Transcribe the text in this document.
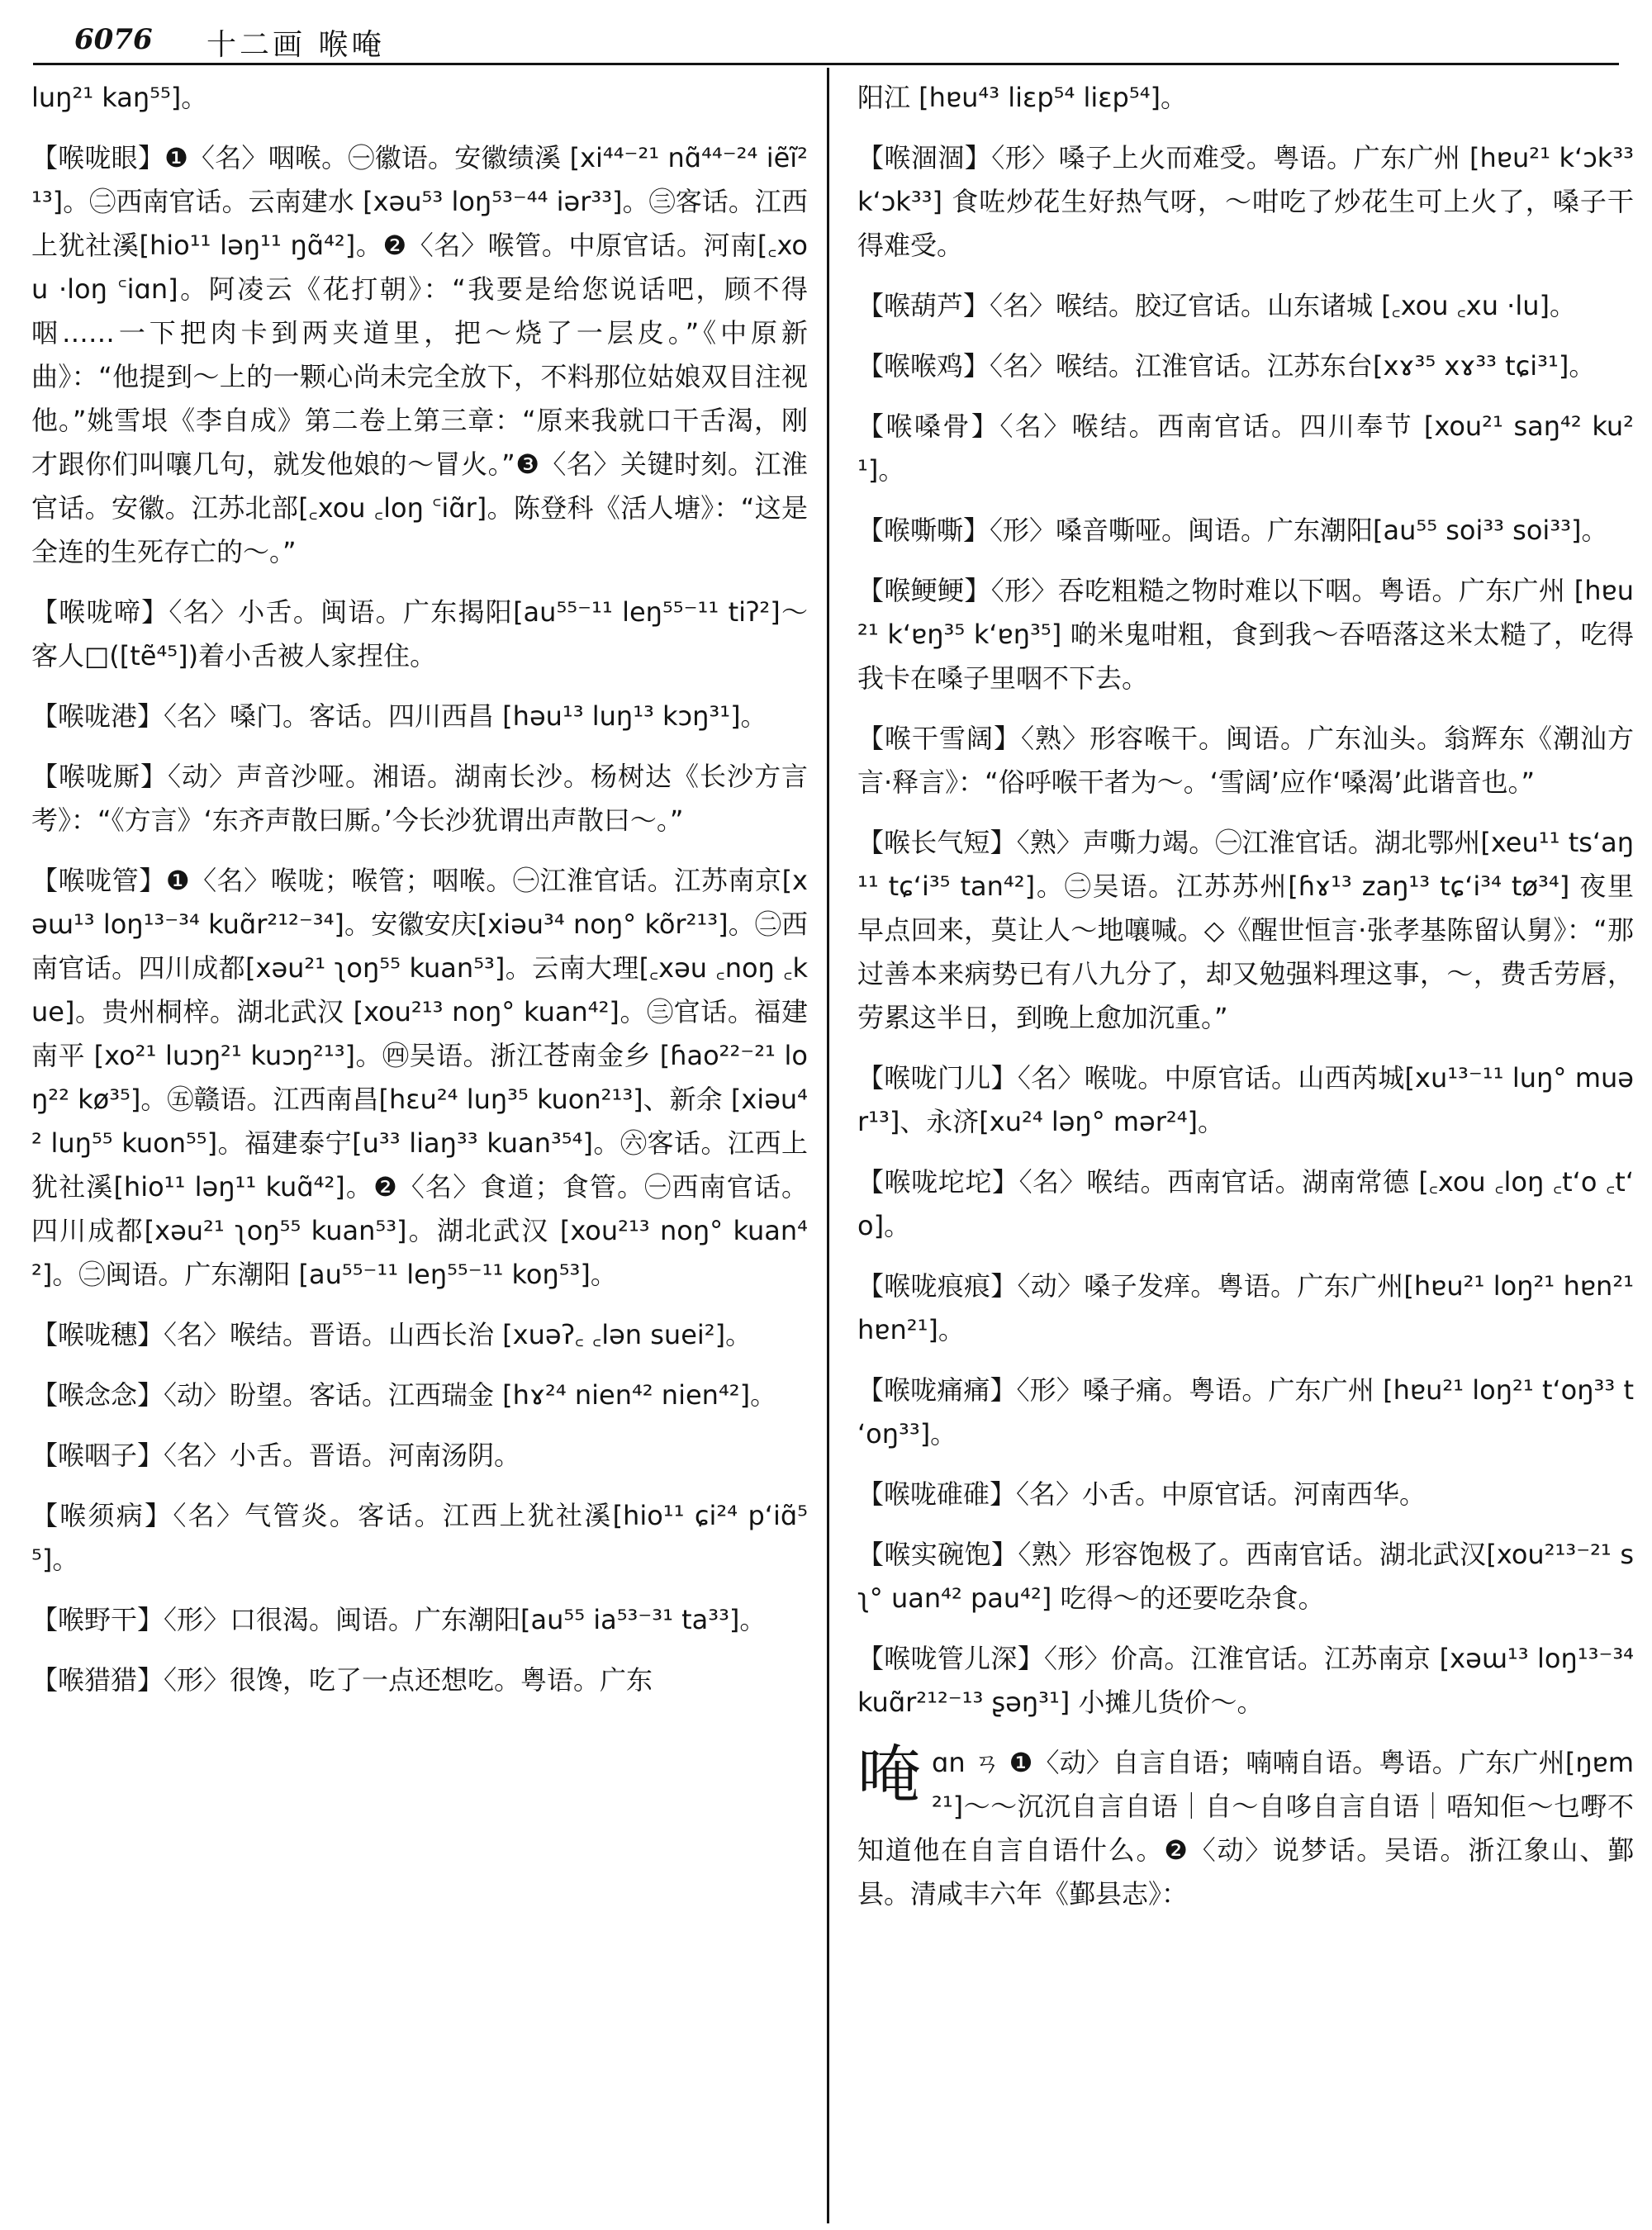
6076 十二画 喉唵

luŋ²¹ kaŋ⁵⁵]。

【喉咙眼】❶〈名〉咽喉。㊀徽语。安徽绩溪 [xi⁴⁴⁻²¹ nɑ̃⁴⁴⁻²⁴ iẽĩ²¹³]。㊁西南官话。云南建水 [xəu⁵³ loŋ⁵³⁻⁴⁴ iər³³]。㊂客话。江西上犹社溪[hio¹¹ ləŋ¹¹ ŋɑ̃⁴²]。❷〈名〉喉管。中原官话。河南[꜀xou ·loŋ ꜂iɑn]。阿凌云《花打朝》：“我要是给您说话吧，顾不得咽……一下把肉卡到两夹道里，把～烧了一层皮。”《中原新曲》：“他提到～上的一颗心尚未完全放下，不料那位姑娘双目注视他。”姚雪垠《李自成》第二卷上第三章：“原来我就口干舌渴，刚才跟你们叫嚷几句，就发他娘的～冒火。”❸〈名〉关键时刻。江淮官话。安徽。江苏北部[꜀xou ꜀loŋ ꜂iɑ̃r]。陈登科《活人塘》：“这是全连的生死存亡的～。”

【喉咙啼】〈名〉小舌。闽语。广东揭阳[au⁵⁵⁻¹¹ leŋ⁵⁵⁻¹¹ tiʔ²]～客人□([tẽ⁴⁵])着小舌被人家捏住。

【喉咙港】〈名〉嗓门。客话。四川西昌 [həu¹³ luŋ¹³ kɔŋ³¹]。

【喉咙厮】〈动〉声音沙哑。湘语。湖南长沙。杨树达《长沙方言考》：“《方言》‘东齐声散曰厮。’今长沙犹谓出声散曰～。”

【喉咙管】❶〈名〉喉咙；喉管；咽喉。㊀江淮官话。江苏南京[xəɯ¹³ loŋ¹³⁻³⁴ kuɑ̃r²¹²⁻³⁴]。安徽安庆[xiəu³⁴ noŋ° kõr²¹³]。㊁西南官话。四川成都[xəu²¹ ʅoŋ⁵⁵ kuan⁵³]。云南大理[꜀xəu ꜀noŋ ꜀kue]。贵州桐梓。湖北武汉 [xou²¹³ noŋ° kuan⁴²]。㊂官话。福建南平 [xo²¹ luɔŋ²¹ kuɔŋ²¹³]。㊃吴语。浙江苍南金乡 [ɦao²²⁻²¹ loŋ²² kø³⁵]。㊄赣语。江西南昌[hɛu²⁴ luŋ³⁵ kuon²¹³]、新余 [xiəu⁴² luŋ⁵⁵ kuon⁵⁵]。福建泰宁[u³³ liaŋ³³ kuan³⁵⁴]。㊅客话。江西上犹社溪[hio¹¹ ləŋ¹¹ kuɑ̃⁴²]。❷〈名〉食道；食管。㊀西南官话。四川成都[xəu²¹ ʅoŋ⁵⁵ kuan⁵³]。湖北武汉 [xou²¹³ noŋ° kuan⁴²]。㊁闽语。广东潮阳 [au⁵⁵⁻¹¹ leŋ⁵⁵⁻¹¹ koŋ⁵³]。

【喉咙穗】〈名〉喉结。晋语。山西长治 [xuəʔ꜀ ꜀lən suei²]。

【喉念念】〈动〉盼望。客话。江西瑞金 [hɤ²⁴ nien⁴² nien⁴²]。

【喉咽子】〈名〉小舌。晋语。河南汤阴。

【喉须病】〈名〉气管炎。客话。江西上犹社溪[hio¹¹ ɕi²⁴ pʻiɑ̃⁵⁵]。

【喉野干】〈形〉口很渴。闽语。广东潮阳[au⁵⁵ ia⁵³⁻³¹ ta³³]。

【喉猎猎】〈形〉很馋，吃了一点还想吃。粤语。广东

阳江 [hɐu⁴³ liɛp⁵⁴ liɛp⁵⁴]。

【喉涸涸】〈形〉嗓子上火而难受。粤语。广东广州 [hɐu²¹ kʻɔk³³ kʻɔk³³] 食咗炒花生好热气呀，～咁吃了炒花生可上火了，嗓子干得难受。

【喉葫芦】〈名〉喉结。胶辽官话。山东诸城 [꜀xou ꜀xu ·lu]。

【喉喉鸡】〈名〉喉结。江淮官话。江苏东台[xɤ³⁵ xɤ³³ tɕi³¹]。

【喉嗓骨】〈名〉喉结。西南官话。四川奉节 [xou²¹ saŋ⁴² ku²¹]。

【喉嘶嘶】〈形〉嗓音嘶哑。闽语。广东潮阳[au⁵⁵ soi³³ soi³³]。

【喉鲠鲠】〈形〉吞吃粗糙之物时难以下咽。粤语。广东广州 [hɐu²¹ kʻɐŋ³⁵ kʻɐŋ³⁵] 啲米鬼咁粗，食到我～吞唔落这米太糙了，吃得我卡在嗓子里咽不下去。

【喉干雪阔】〈熟〉形容喉干。闽语。广东汕头。翁辉东《潮汕方言·释言》：“俗呼喉干者为～。‘雪阔’应作‘嗓渴’此谐音也。”

【喉长气短】〈熟〉声嘶力竭。㊀江淮官话。湖北鄂州[xeu¹¹ tsʻaŋ¹¹ tɕʻi³⁵ tan⁴²]。㊁吴语。江苏苏州[ɦɤ¹³ zaŋ¹³ tɕʻi³⁴ tø³⁴] 夜里早点回来，莫让人～地嚷喊。◇《醒世恒言·张孝基陈留认舅》：“那过善本来病势已有八九分了，却又勉强料理这事，～，费舌劳唇，劳累这半日，到晚上愈加沉重。”

【喉咙门儿】〈名〉喉咙。中原官话。山西芮城[xu¹³⁻¹¹ luŋ° muər¹³]、永济[xu²⁴ ləŋ° mər²⁴]。

【喉咙坨坨】〈名〉喉结。西南官话。湖南常德 [꜀xou ꜀loŋ ꜀tʻo ꜀tʻo]。

【喉咙痕痕】〈动〉嗓子发痒。粤语。广东广州[hɐu²¹ loŋ²¹ hɐn²¹ hɐn²¹]。

【喉咙痛痛】〈形〉嗓子痛。粤语。广东广州 [hɐu²¹ loŋ²¹ tʻoŋ³³ tʻoŋ³³]。

【喉咙碓碓】〈名〉小舌。中原官话。河南西华。

【喉实碗饱】〈熟〉形容饱极了。西南官话。湖北武汉[xou²¹³⁻²¹ sʅ° uan⁴² pau⁴²] 吃得～的还要吃杂食。

【喉咙管儿深】〈形〉价高。江淮官话。江苏南京 [xəɯ¹³ loŋ¹³⁻³⁴ kuɑ̃r²¹²⁻¹³ ʂəŋ³¹] 小摊儿货价～。

唵 ɑn ㄢ ❶〈动〉自言自语；喃喃自语。粤语。广东广州[ŋɐm²¹]～～沉沉自言自语｜自～自哆自言自语｜唔知佢～乜嘢不知道他在自言自语什么。❷〈动〉说梦话。吴语。浙江象山、鄞县。清咸丰六年《鄞县志》：
